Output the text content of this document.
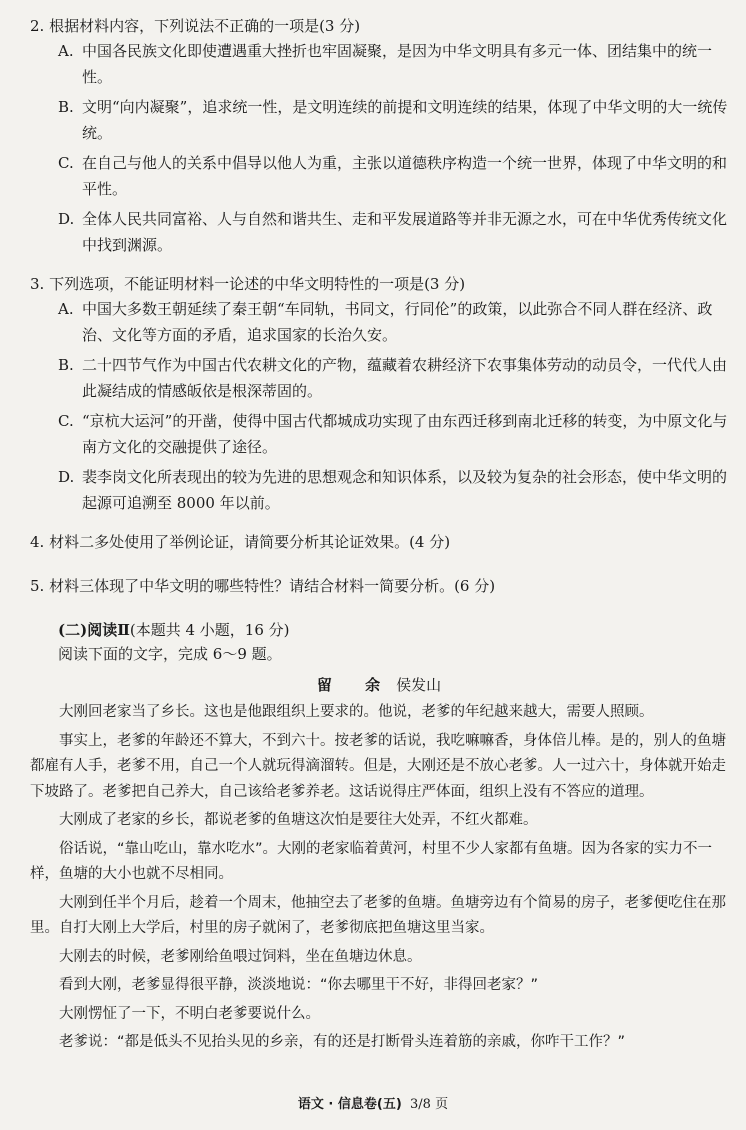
2. 根据材料内容，下列说法不正确的一项是(3 分)

A. 中国各民族文化即使遭遇重大挫折也牢固凝聚，是因为中华文明具有多元一体、团结集中的统一性。

B. 文明“向内凝聚”，追求统一性，是文明连续的前提和文明连续的结果，体现了中华文明的大一统传统。

C. 在自己与他人的关系中倡导以他人为重，主张以道德秩序构造一个统一世界，体现了中华文明的和平性。

D. 全体人民共同富裕、人与自然和谐共生、走和平发展道路等并非无源之水，可在中华优秀传统文化中找到渊源。

3. 下列选项，不能证明材料一论述的中华文明特性的一项是(3 分)

A. 中国大多数王朝延续了秦王朝“车同轨，书同文，行同伦”的政策，以此弥合不同人群在经济、政治、文化等方面的矛盾，追求国家的长治久安。

B. 二十四节气作为中国古代农耕文化的产物，蕴藏着农耕经济下农事集体劳动的动员令，一代代人由此凝结成的情感皈依是根深蒂固的。

C. “京杭大运河”的开凿，使得中国古代都城成功实现了由东西迁移到南北迁移的转变，为中原文化与南方文化的交融提供了途径。

D. 裴李岗文化所表现出的较为先进的思想观念和知识体系，以及较为复杂的社会形态，使中华文明的起源可追溯至 8000 年以前。

4. 材料二多处使用了举例论证，请简要分析其论证效果。(4 分)

5. 材料三体现了中华文明的哪些特性？请结合材料一简要分析。(6 分)

(二)阅读Ⅱ(本题共 4 小题，16 分)
阅读下面的文字，完成 6～9 题。
留 余 侯发山

大刚回老家当了乡长。这也是他跟组织上要求的。他说，老爹的年纪越来越大，需要人照顾。

事实上，老爹的年龄还不算大，不到六十。按老爹的话说，我吃嘛嘛香，身体倍儿棒。是的，别人的鱼塘都雇有人手，老爹不用，自己一个人就玩得滴溜转。但是，大刚还是不放心老爹。人一过六十，身体就开始走下坡路了。老爹把自己养大，自己该给老爹养老。这话说得庄严体面，组织上没有不答应的道理。

大刚成了老家的乡长，都说老爹的鱼塘这次怕是要往大处弄，不红火都难。

俗话说，“靠山吃山，靠水吃水”。大刚的老家临着黄河，村里不少人家都有鱼塘。因为各家的实力不一样，鱼塘的大小也就不尽相同。

大刚到任半个月后，趁着一个周末，他抽空去了老爹的鱼塘。鱼塘旁边有个简易的房子，老爹便吃住在那里。自打大刚上大学后，村里的房子就闲了，老爹彻底把鱼塘这里当家。

大刚去的时候，老爹刚给鱼喂过饲料，坐在鱼塘边休息。

看到大刚，老爹显得很平静，淡淡地说：“你去哪里干不好，非得回老家？”

大刚愣怔了一下，不明白老爹要说什么。

老爹说：“都是低头不见抬头见的乡亲，有的还是打断骨头连着筋的亲戚，你咋干工作？”

语文 · 信息卷(五) 3/8 页
